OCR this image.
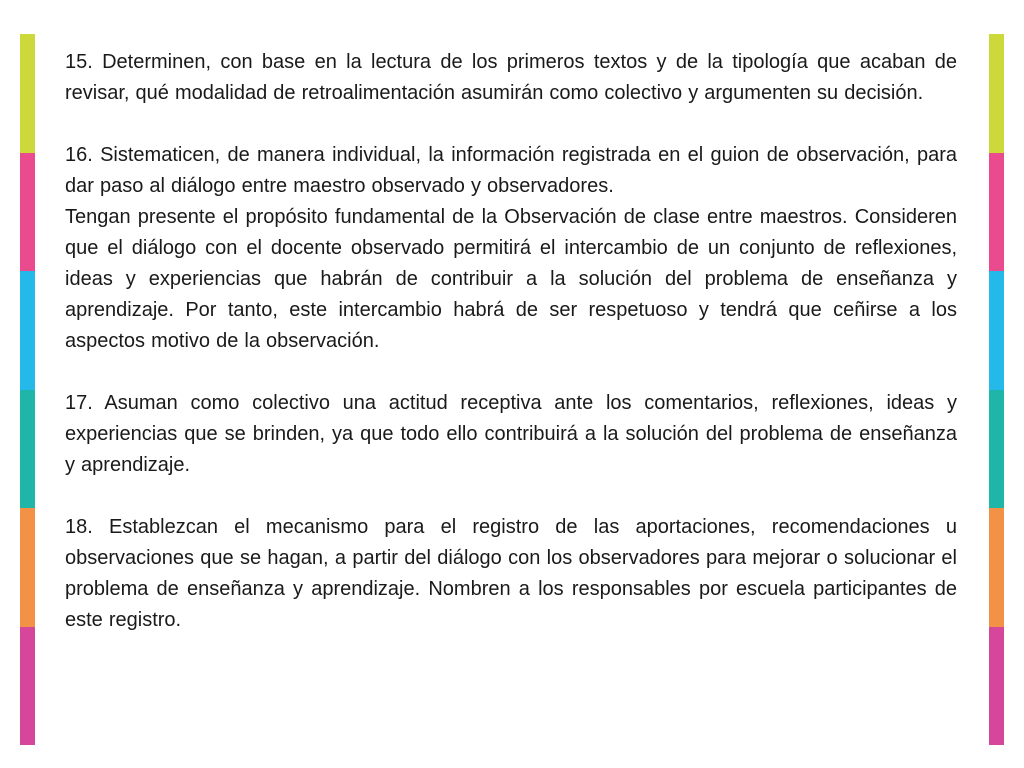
15. Determinen, con base en la lectura de los primeros textos y de la tipología que acaban de revisar, qué modalidad de retroalimentación asumirán como colectivo y argumenten su decisión.

16. Sistematicen, de manera individual, la información registrada en el guion de observación, para dar paso al diálogo entre maestro observado y observadores.

Tengan presente el propósito fundamental de la Observación de clase entre maestros. Consideren que el diálogo con el docente observado permitirá el intercambio de un conjunto de reflexiones, ideas y experiencias que habrán de contribuir a la solución del problema de enseñanza y aprendizaje. Por tanto, este intercambio habrá de ser respetuoso y tendrá que ceñirse a los aspectos motivo de la observación.

17. Asuman como colectivo una actitud receptiva ante los comentarios, reflexiones, ideas y experiencias que se brinden, ya que todo ello contribuirá a la solución del problema de enseñanza y aprendizaje.

18. Establezcan el mecanismo para el registro de las aportaciones, recomendaciones u observaciones que se hagan, a partir del diálogo con los observadores para mejorar o solucionar el problema de enseñanza y aprendizaje. Nombren a los responsables por escuela participantes de este registro.
